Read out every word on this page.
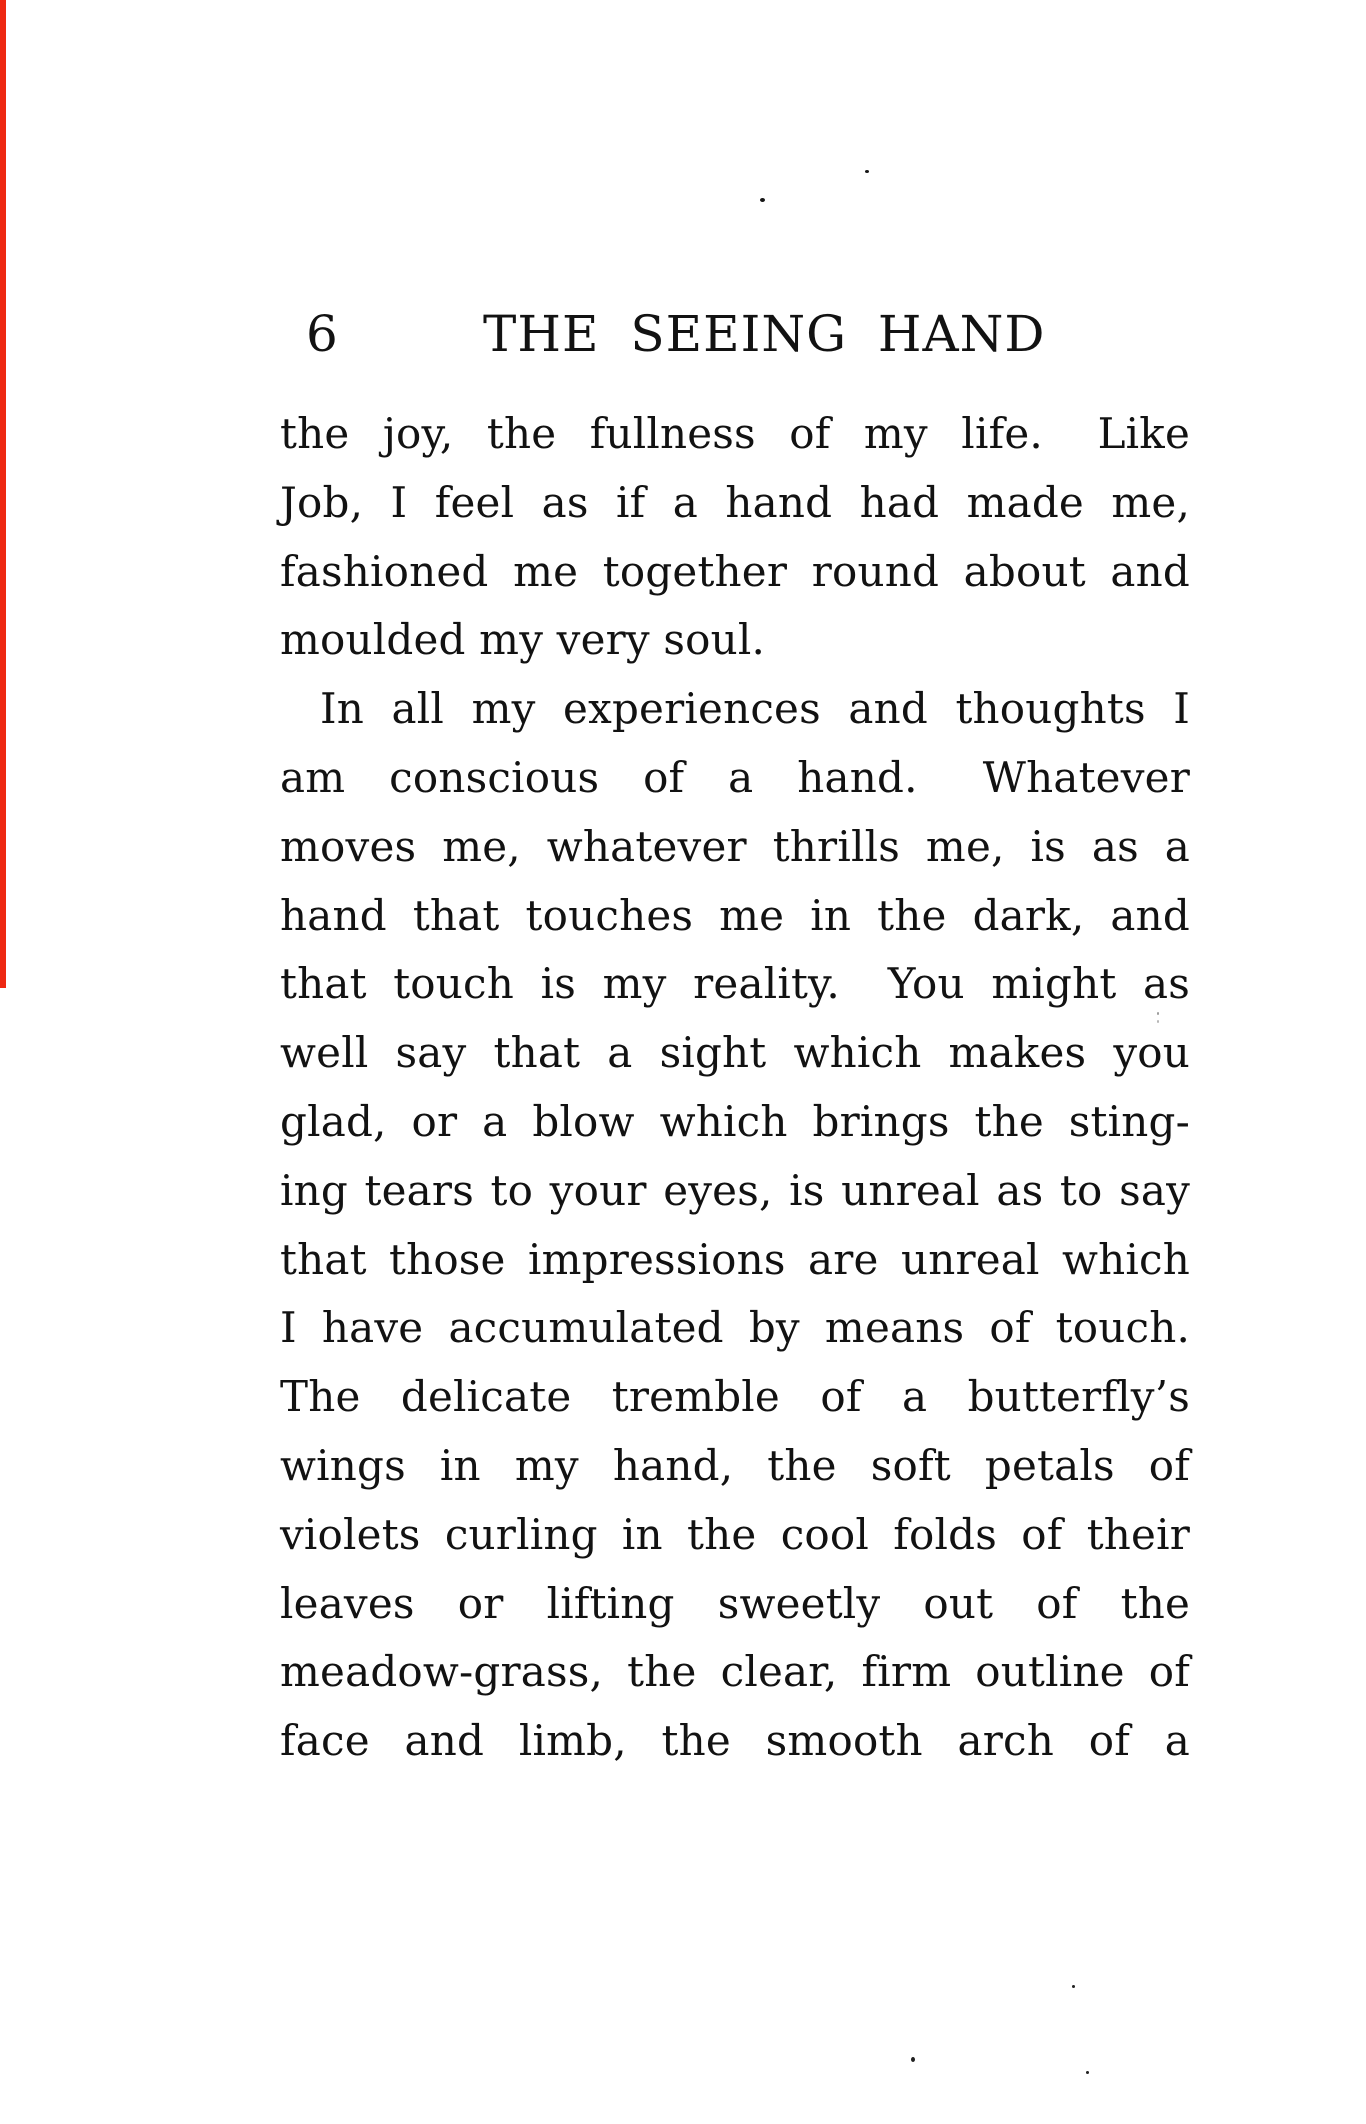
6	THE SEEING HAND
the joy, the fullness of my life.  Like
Job, I feel as if a hand had made me,
fashioned me together round about and
moulded my very soul.
In all my experiences and thoughts I
am conscious of a hand.  Whatever
moves me, whatever thrills me, is as a
hand that touches me in the dark, and
that touch is my reality.  You might as
well say that a sight which makes you
glad, or a blow which brings the sting-
ing tears to your eyes, is unreal as to say
that those impressions are unreal which
I have accumulated by means of touch.
The delicate tremble of a butterfly’s
wings in my hand, the soft petals of
violets curling in the cool folds of their
leaves or lifting sweetly out of the
meadow-grass, the clear, firm outline of
face and limb, the smooth arch of a
